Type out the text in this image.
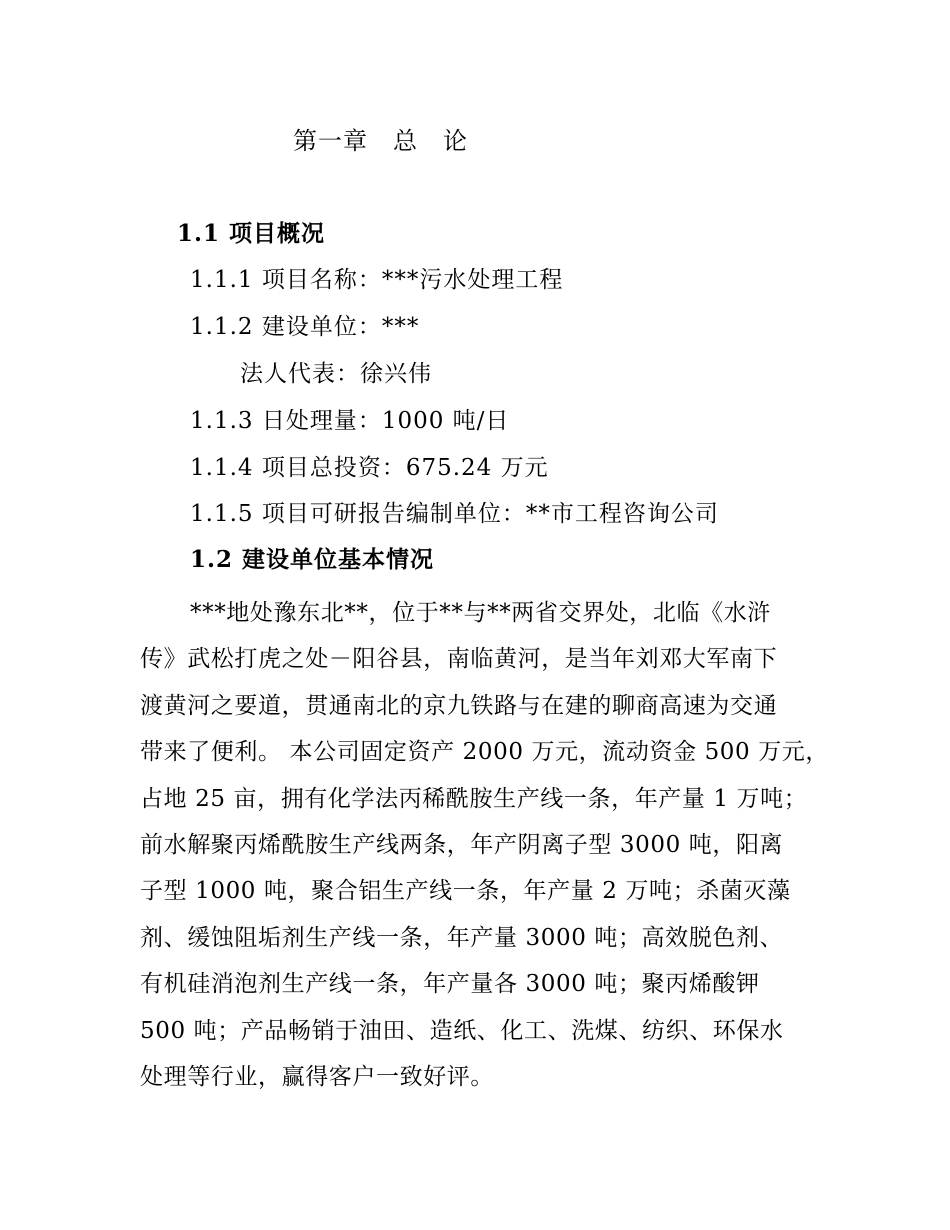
第一章　总　论
1.1 项目概况
1.1.1 项目名称：***污水处理工程
1.1.2 建设单位：***
法人代表：徐兴伟
1.1.3 日处理量：1000 吨/日
1.1.4 项目总投资：675.24 万元
1.1.5 项目可研报告编制单位：**市工程咨询公司
1.2 建设单位基本情况
***地处豫东北**，位于**与**两省交界处，北临《水浒
传》武松打虎之处－阳谷县，南临黄河，是当年刘邓大军南下
渡黄河之要道，贯通南北的京九铁路与在建的聊商高速为交通
带来了便利。 本公司固定资产 2000 万元，流动资金 500 万元，
占地 25 亩，拥有化学法丙稀酰胺生产线一条，年产量 1 万吨；
前水解聚丙烯酰胺生产线两条，年产阴离子型 3000 吨，阳离
子型 1000 吨，聚合铝生产线一条，年产量 2 万吨；杀菌灭藻
剂、缓蚀阻垢剂生产线一条，年产量 3000 吨；高效脱色剂、
有机硅消泡剂生产线一条，年产量各 3000 吨；聚丙烯酸钾
500 吨；产品畅销于油田、造纸、化工、洗煤、纺织、环保水
处理等行业，赢得客户一致好评。
